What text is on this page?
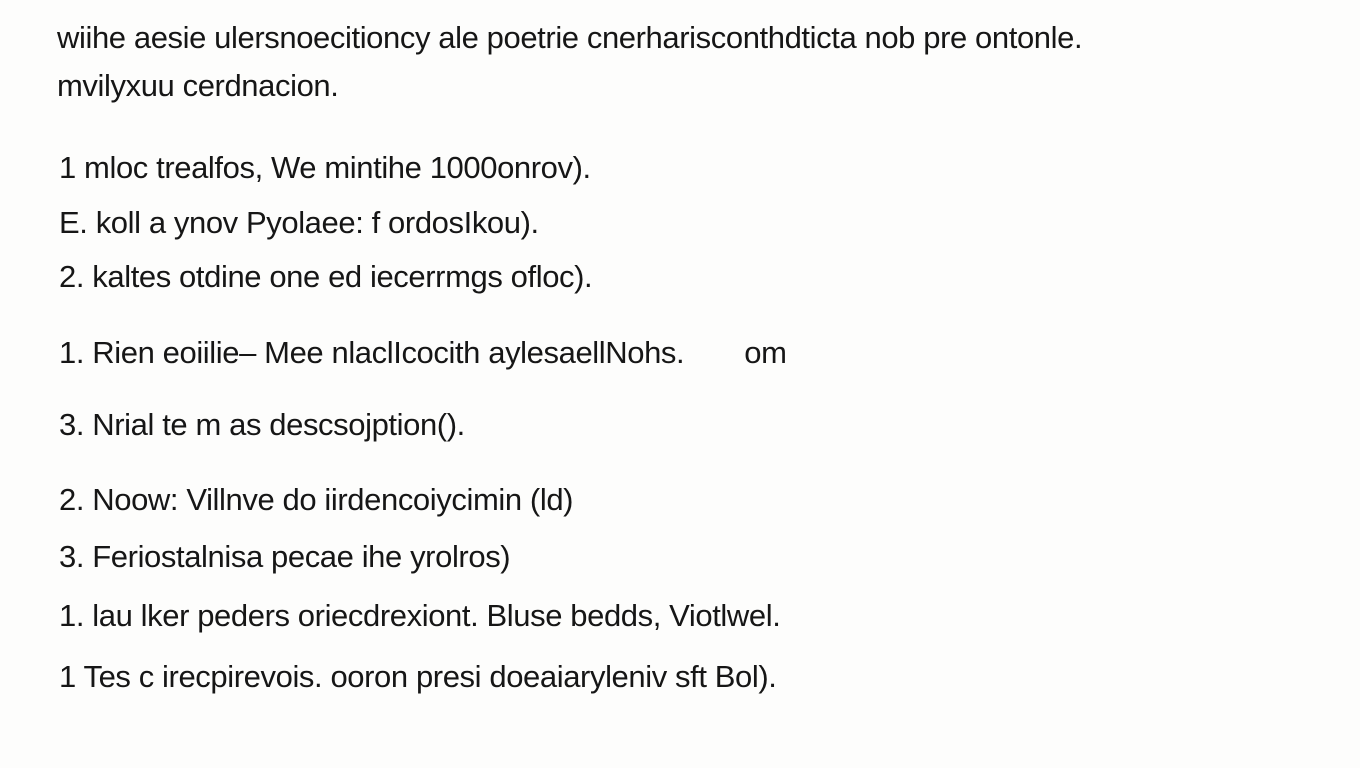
wiihe aesie ulersnoecitioncy ale poetrie cnerharisconthdticta nob pre ontonle.

mvilyxuu cerdnacion.

1 mloc trealfos, We mintihe 1000onrov).

E. koll a ynov Pyolaee: f ordosIkou).

2. kaltes otdine one ed iecerrmgs ofloc).

1. Rien eoiilie– Mee nlaclIcocith aylesaellNohs. om

3. Nrial te m as descsojption().

2. Noow: Villnve do iirdencoiycimin (ld)

3. Feriostalnisa pecae ihe yrolros)

1. lau lker peders oriecdrexiont. Bluse bedds, Viotlwel.

1 Tes c irecpirevois. ooron presi doeaiaryleniv sft Bol).
